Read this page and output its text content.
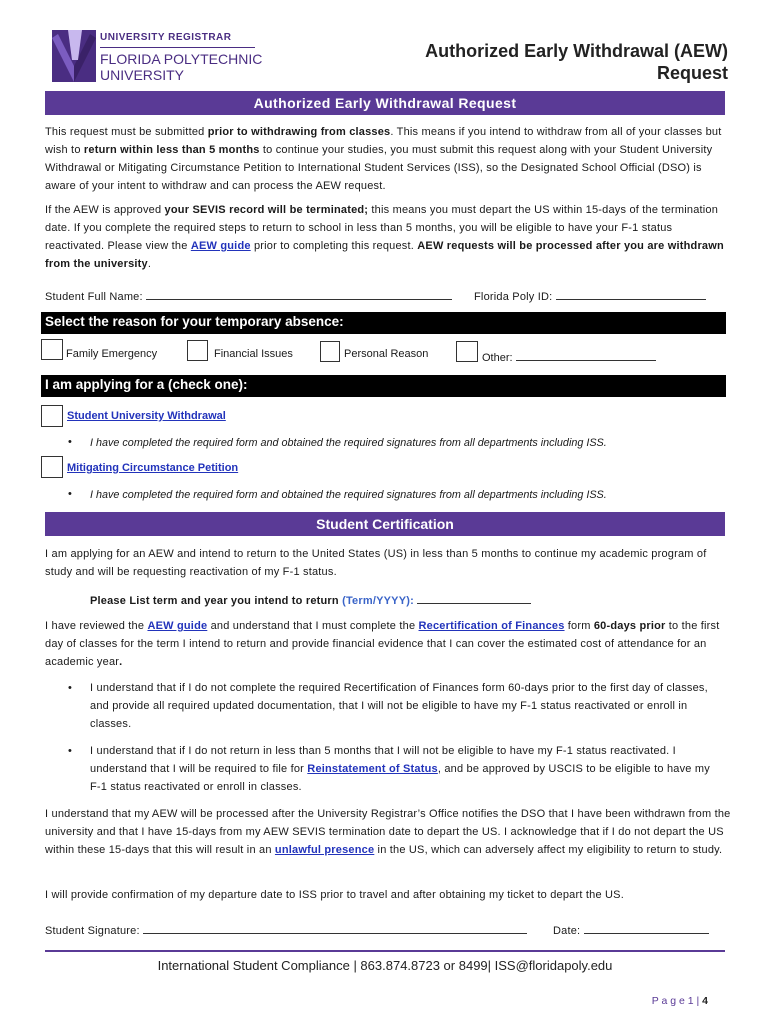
UNIVERSITY REGISTRAR
FLORIDA POLYTECHNIC
UNIVERSITY
Authorized Early Withdrawal (AEW)
Request
Authorized Early Withdrawal Request

This request must be submitted prior to withdrawing from classes. This means if you intend to withdraw from all of your classes but wish to return within less than 5 months to continue your studies, you must submit this request along with your Student University Withdrawal or Mitigating Circumstance Petition to International Student Services (ISS), so the Designated School Official (DSO) is aware of your intent to withdraw and can process the AEW request.

If the AEW is approved your SEVIS record will be terminated; this means you must depart the US within 15-days of the termination date. If you complete the required steps to return to school in less than 5 months, you will be eligible to have your F-1 status reactivated. Please view the AEW guide prior to completing this request. AEW requests will be processed after you are withdrawn from the university.

Student Full Name:	Florida Poly ID:
Select the reason for your temporary absence:
Family Emergency	Financial Issues	Personal Reason	Other:
I am applying for a (check one):
Student University Withdrawal
• I have completed the required form and obtained the required signatures from all departments including ISS.
Mitigating Circumstance Petition
• I have completed the required form and obtained the required signatures from all departments including ISS.
Student Certification

I am applying for an AEW and intend to return to the United States (US) in less than 5 months to continue my academic program of study and will be requesting reactivation of my F-1 status.

Please List term and year you intend to return (Term/YYYY):

I have reviewed the AEW guide and understand that I must complete the Recertification of Finances form 60-days prior to the first day of classes for the term I intend to return and provide financial evidence that I can cover the estimated cost of attendance for an academic year.

• I understand that if I do not complete the required Recertification of Finances form 60-days prior to the first day of classes, and provide all required updated documentation, that I will not be eligible to have my F-1 status reactivated or enroll in classes.

• I understand that if I do not return in less than 5 months that I will not be eligible to have my F-1 status reactivated. I understand that I will be required to file for Reinstatement of Status, and be approved by USCIS to be eligible to have my F-1 status reactivated or enroll in classes.

I understand that my AEW will be processed after the University Registrar’s Office notifies the DSO that I have been withdrawn from the university and that I have 15-days from my AEW SEVIS termination date to depart the US. I acknowledge that if I do not depart the US within these 15-days that this will result in an unlawful presence in the US, which can adversely affect my eligibility to return to study.

I will provide confirmation of my departure date to ISS prior to travel and after obtaining my ticket to depart the US.

Student Signature:	Date:
International Student Compliance | 863.874.8723 or 8499| ISS@floridapoly.edu
P a g e 1 | 4
